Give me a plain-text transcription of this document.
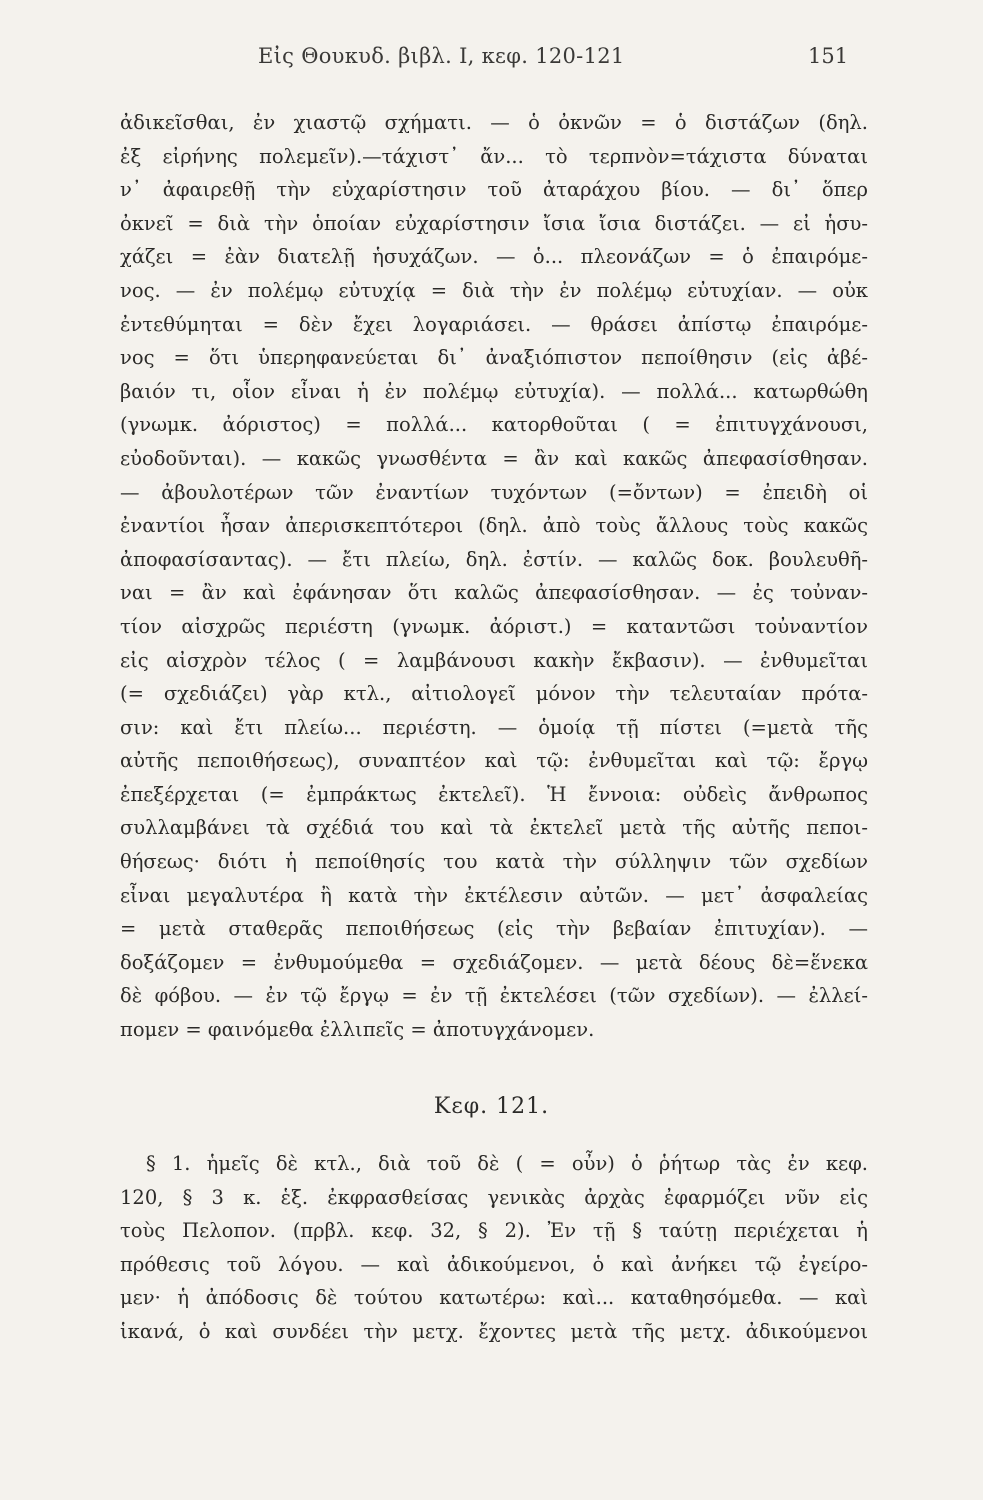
Εἰς Θουκυδ. βιβλ. I, κεφ. 120-121	151
ἀδικεῖσθαι, ἐν χιαστῷ σχήματι. — ὁ ὀκνῶν = ὁ διστάζων (δηλ.
ἐξ εἰρήνης πολεμεῖν).—τάχιστ᾽ ἄν... τὸ τερπνὸν=τάχιστα δύναται
ν᾽ ἀφαιρεθῇ τὴν εὐχαρίστησιν τοῦ ἀταράχου βίου. — δι᾽ ὅπερ
ὀκνεῖ = διὰ τὴν ὁποίαν εὐχαρίστησιν ἴσια ἴσια διστάζει. — εἰ ἡσυ-
χάζει = ἐὰν διατελῇ ἡσυχάζων. — ὁ... πλεονάζων = ὁ ἐπαιρόμε-
νος. — ἐν πολέμῳ εὐτυχίᾳ = διὰ τὴν ἐν πολέμῳ εὐτυχίαν. — οὐκ
ἐντεθύμηται = δὲν ἔχει λογαριάσει. — θράσει ἀπίστῳ ἐπαιρόμε-
νος = ὅτι ὑπερηφανεύεται δι᾽ ἀναξιόπιστον πεποίθησιν (εἰς ἀβέ-
βαιόν τι, οἷον εἶναι ἡ ἐν πολέμῳ εὐτυχία). — πολλά... κατωρθώθη
(γνωμκ. ἀόριστος) = πολλά... κατορθοῦται ( = ἐπιτυγχάνουσι,
εὐοδοῦνται). — κακῶς γνωσθέντα = ἂν καὶ κακῶς ἀπεφασίσθησαν.
— ἀβουλοτέρων τῶν ἐναντίων τυχόντων (=ὄντων) = ἐπειδὴ οἱ
ἐναντίοι ἦσαν ἀπερισκεπτότεροι (δηλ. ἀπὸ τοὺς ἄλλους τοὺς κακῶς
ἀποφασίσαντας). — ἔτι πλείω, δηλ. ἐστίν. — καλῶς δοκ. βουλευθῆ-
ναι = ἂν καὶ ἐφάνησαν ὅτι καλῶς ἀπεφασίσθησαν. — ἐς τοὐναν-
τίον αἰσχρῶς περιέστη (γνωμκ. ἀόριστ.) = καταντῶσι τοὐναντίον
εἰς αἰσχρὸν τέλος ( = λαμβάνουσι κακὴν ἔκβασιν). — ἐνθυμεῖται
(= σχεδιάζει) γὰρ κτλ., αἰτιολογεῖ μόνον τὴν τελευταίαν πρότα-
σιν: καὶ ἔτι πλείω... περιέστη. — ὁμοίᾳ τῇ πίστει (=μετὰ τῆς
αὐτῆς πεποιθήσεως), συναπτέον καὶ τῷ: ἐνθυμεῖται καὶ τῷ: ἔργῳ
ἐπεξέρχεται (= ἐμπράκτως ἐκτελεῖ). Ἡ ἔννοια: οὐδεὶς ἄνθρωπος
συλλαμβάνει τὰ σχέδιά του καὶ τὰ ἐκτελεῖ μετὰ τῆς αὐτῆς πεποι-
θήσεως· διότι ἡ πεποίθησίς του κατὰ τὴν σύλληψιν τῶν σχεδίων
εἶναι μεγαλυτέρα ἢ κατὰ τὴν ἐκτέλεσιν αὐτῶν. — μετ᾽ ἀσφαλείας
= μετὰ σταθερᾶς πεποιθήσεως (εἰς τὴν βεβαίαν ἐπιτυχίαν). —
δοξάζομεν = ἐνθυμούμεθα = σχεδιάζομεν. — μετὰ δέους δὲ=ἕνεκα
δὲ φόβου. — ἐν τῷ ἔργῳ = ἐν τῇ ἐκτελέσει (τῶν σχεδίων). — ἐλλεί-
πομεν = φαινόμεθα ἐλλιπεῖς = ἀποτυγχάνομεν.
Κεφ. 121.
§ 1. ἡμεῖς δὲ κτλ., διὰ τοῦ δὲ ( = οὖν) ὁ ῥήτωρ τὰς ἐν κεφ.
120, § 3 κ. ἑξ. ἐκφρασθείσας γενικὰς ἀρχὰς ἐφαρμόζει νῦν εἰς
τοὺς Πελοπον. (πρβλ. κεφ. 32, § 2). Ἐν τῇ § ταύτῃ περιέχεται ἡ
πρόθεσις τοῦ λόγου. — καὶ ἀδικούμενοι, ὁ καὶ ἀνήκει τῷ ἐγείρο-
μεν· ἡ ἀπόδοσις δὲ τούτου κατωτέρω: καὶ... καταθησόμεθα. — καὶ
ἱκανά, ὁ καὶ συνδέει τὴν μετχ. ἔχοντες μετὰ τῆς μετχ. ἀδικούμενοι
